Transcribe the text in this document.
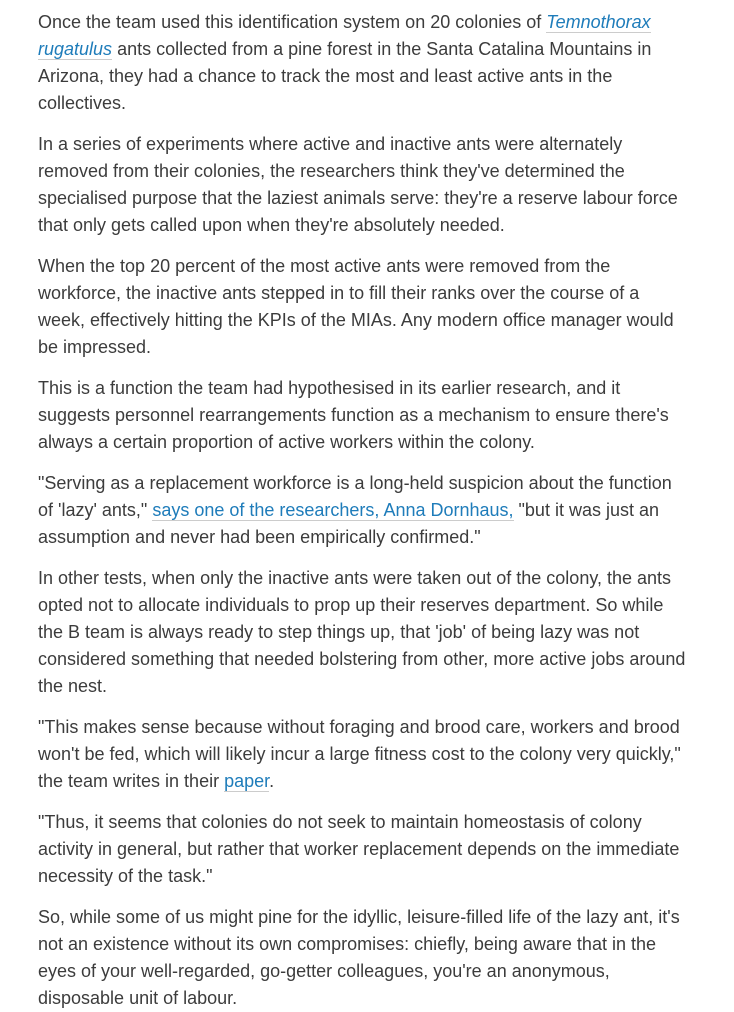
Once the team used this identification system on 20 colonies of Temnothorax rugatulus ants collected from a pine forest in the Santa Catalina Mountains in Arizona, they had a chance to track the most and least active ants in the collectives.

In a series of experiments where active and inactive ants were alternately removed from their colonies, the researchers think they've determined the specialised purpose that the laziest animals serve: they're a reserve labour force that only gets called upon when they're absolutely needed.

When the top 20 percent of the most active ants were removed from the workforce, the inactive ants stepped in to fill their ranks over the course of a week, effectively hitting the KPIs of the MIAs. Any modern office manager would be impressed.

This is a function the team had hypothesised in its earlier research, and it suggests personnel rearrangements function as a mechanism to ensure there's always a certain proportion of active workers within the colony.

"Serving as a replacement workforce is a long-held suspicion about the function of 'lazy' ants," says one of the researchers, Anna Dornhaus, "but it was just an assumption and never had been empirically confirmed."

In other tests, when only the inactive ants were taken out of the colony, the ants opted not to allocate individuals to prop up their reserves department. So while the B team is always ready to step things up, that 'job' of being lazy was not considered something that needed bolstering from other, more active jobs around the nest.

"This makes sense because without foraging and brood care, workers and brood won't be fed, which will likely incur a large fitness cost to the colony very quickly," the team writes in their paper.

"Thus, it seems that colonies do not seek to maintain homeostasis of colony activity in general, but rather that worker replacement depends on the immediate necessity of the task."

So, while some of us might pine for the idyllic, leisure-filled life of the lazy ant, it's not an existence without its own compromises: chiefly, being aware that in the eyes of your well-regarded, go-getter colleagues, you're an anonymous, disposable unit of labour.
